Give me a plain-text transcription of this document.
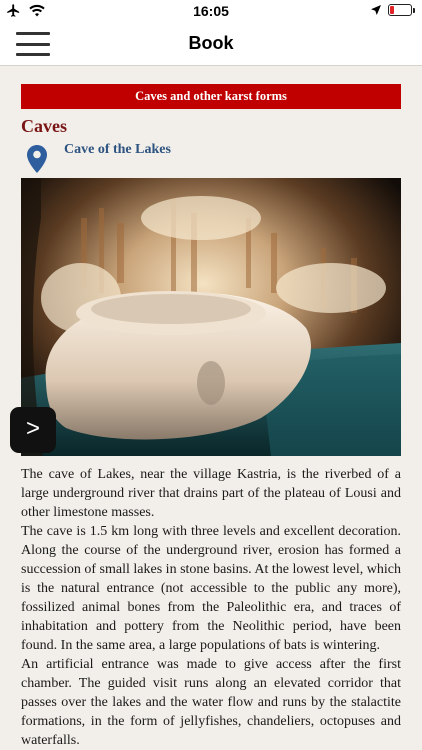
16:05
Book
Caves and other karst forms
Caves
Cave of the Lakes
>

The cave of Lakes, near the village Kastria, is the riverbed of a large underground river that drains part of the plateau of Lousi and other limestone masses.

The cave is 1.5 km long with three levels and excellent decoration. Along the course of the underground river, erosion has formed a succession of small lakes in stone basins. At the lowest level, which is the natural entrance (not accessible to the public any more), fossilized animal bones from the Paleolithic era, and traces of inhabitation and pottery from the Neolithic period, have been found. In the same area, a large populations of bats is wintering.

An artificial entrance was made to give access after the first chamber. The guided visit runs along an elevated corridor that passes over the lakes and the water flow and runs by the stalactite formations, in the form of jellyfishes, chandeliers, octopuses and waterfalls.
